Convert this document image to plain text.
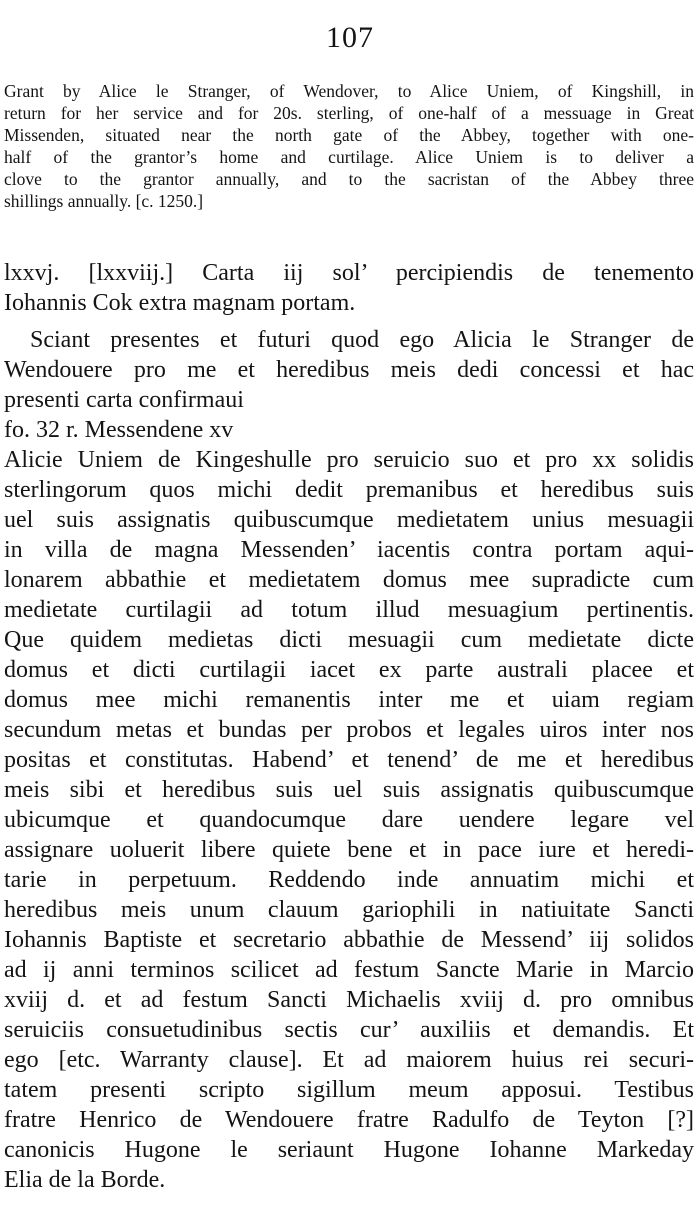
107
Grant by Alice le Stranger, of Wendover, to Alice Uniem, of Kingshill, in
return for her service and for 20s. sterling, of one-half of a messuage in Great
Missenden, situated near the north gate of the Abbey, together with one-
half of the grantor’s home and curtilage. Alice Uniem is to deliver a
clove to the grantor annually, and to the sacristan of the Abbey three
shillings annually. [c. 1250.]
lxxvj. [lxxviij.] Carta iij sol’ percipiendis de tenemento
Iohannis Cok extra magnam portam.
Sciant presentes et futuri quod ego Alicia le Stranger de
Wendouere pro me et heredibus meis dedi concessi et hac
presenti carta confirmaui
fo. 32 r. Messendene xv
Alicie Uniem de Kingeshulle pro seruicio suo et pro xx solidis
sterlingorum quos michi dedit premanibus et heredibus suis
uel suis assignatis quibuscumque medietatem unius mesuagii
in villa de magna Messenden’ iacentis contra portam aqui-
lonarem abbathie et medietatem domus mee supradicte cum
medietate curtilagii ad totum illud mesuagium pertinentis.
Que quidem medietas dicti mesuagii cum medietate dicte
domus et dicti curtilagii iacet ex parte australi placee et
domus mee michi remanentis inter me et uiam regiam
secundum metas et bundas per probos et legales uiros inter nos
positas et constitutas. Habend’ et tenend’ de me et heredibus
meis sibi et heredibus suis uel suis assignatis quibuscumque
ubicumque et quandocumque dare uendere legare vel
assignare uoluerit libere quiete bene et in pace iure et heredi-
tarie in perpetuum. Reddendo inde annuatim michi et
heredibus meis unum clauum gariophili in natiuitate Sancti
Iohannis Baptiste et secretario abbathie de Messend’ iij solidos
ad ij anni terminos scilicet ad festum Sancte Marie in Marcio
xviij d. et ad festum Sancti Michaelis xviij d. pro omnibus
seruiciis consuetudinibus sectis cur’ auxiliis et demandis. Et
ego [etc. Warranty clause]. Et ad maiorem huius rei securi-
tatem presenti scripto sigillum meum apposui. Testibus
fratre Henrico de Wendouere fratre Radulfo de Teyton [?]
canonicis Hugone le seriaunt Hugone Iohanne Markeday
Elia de la Borde.
